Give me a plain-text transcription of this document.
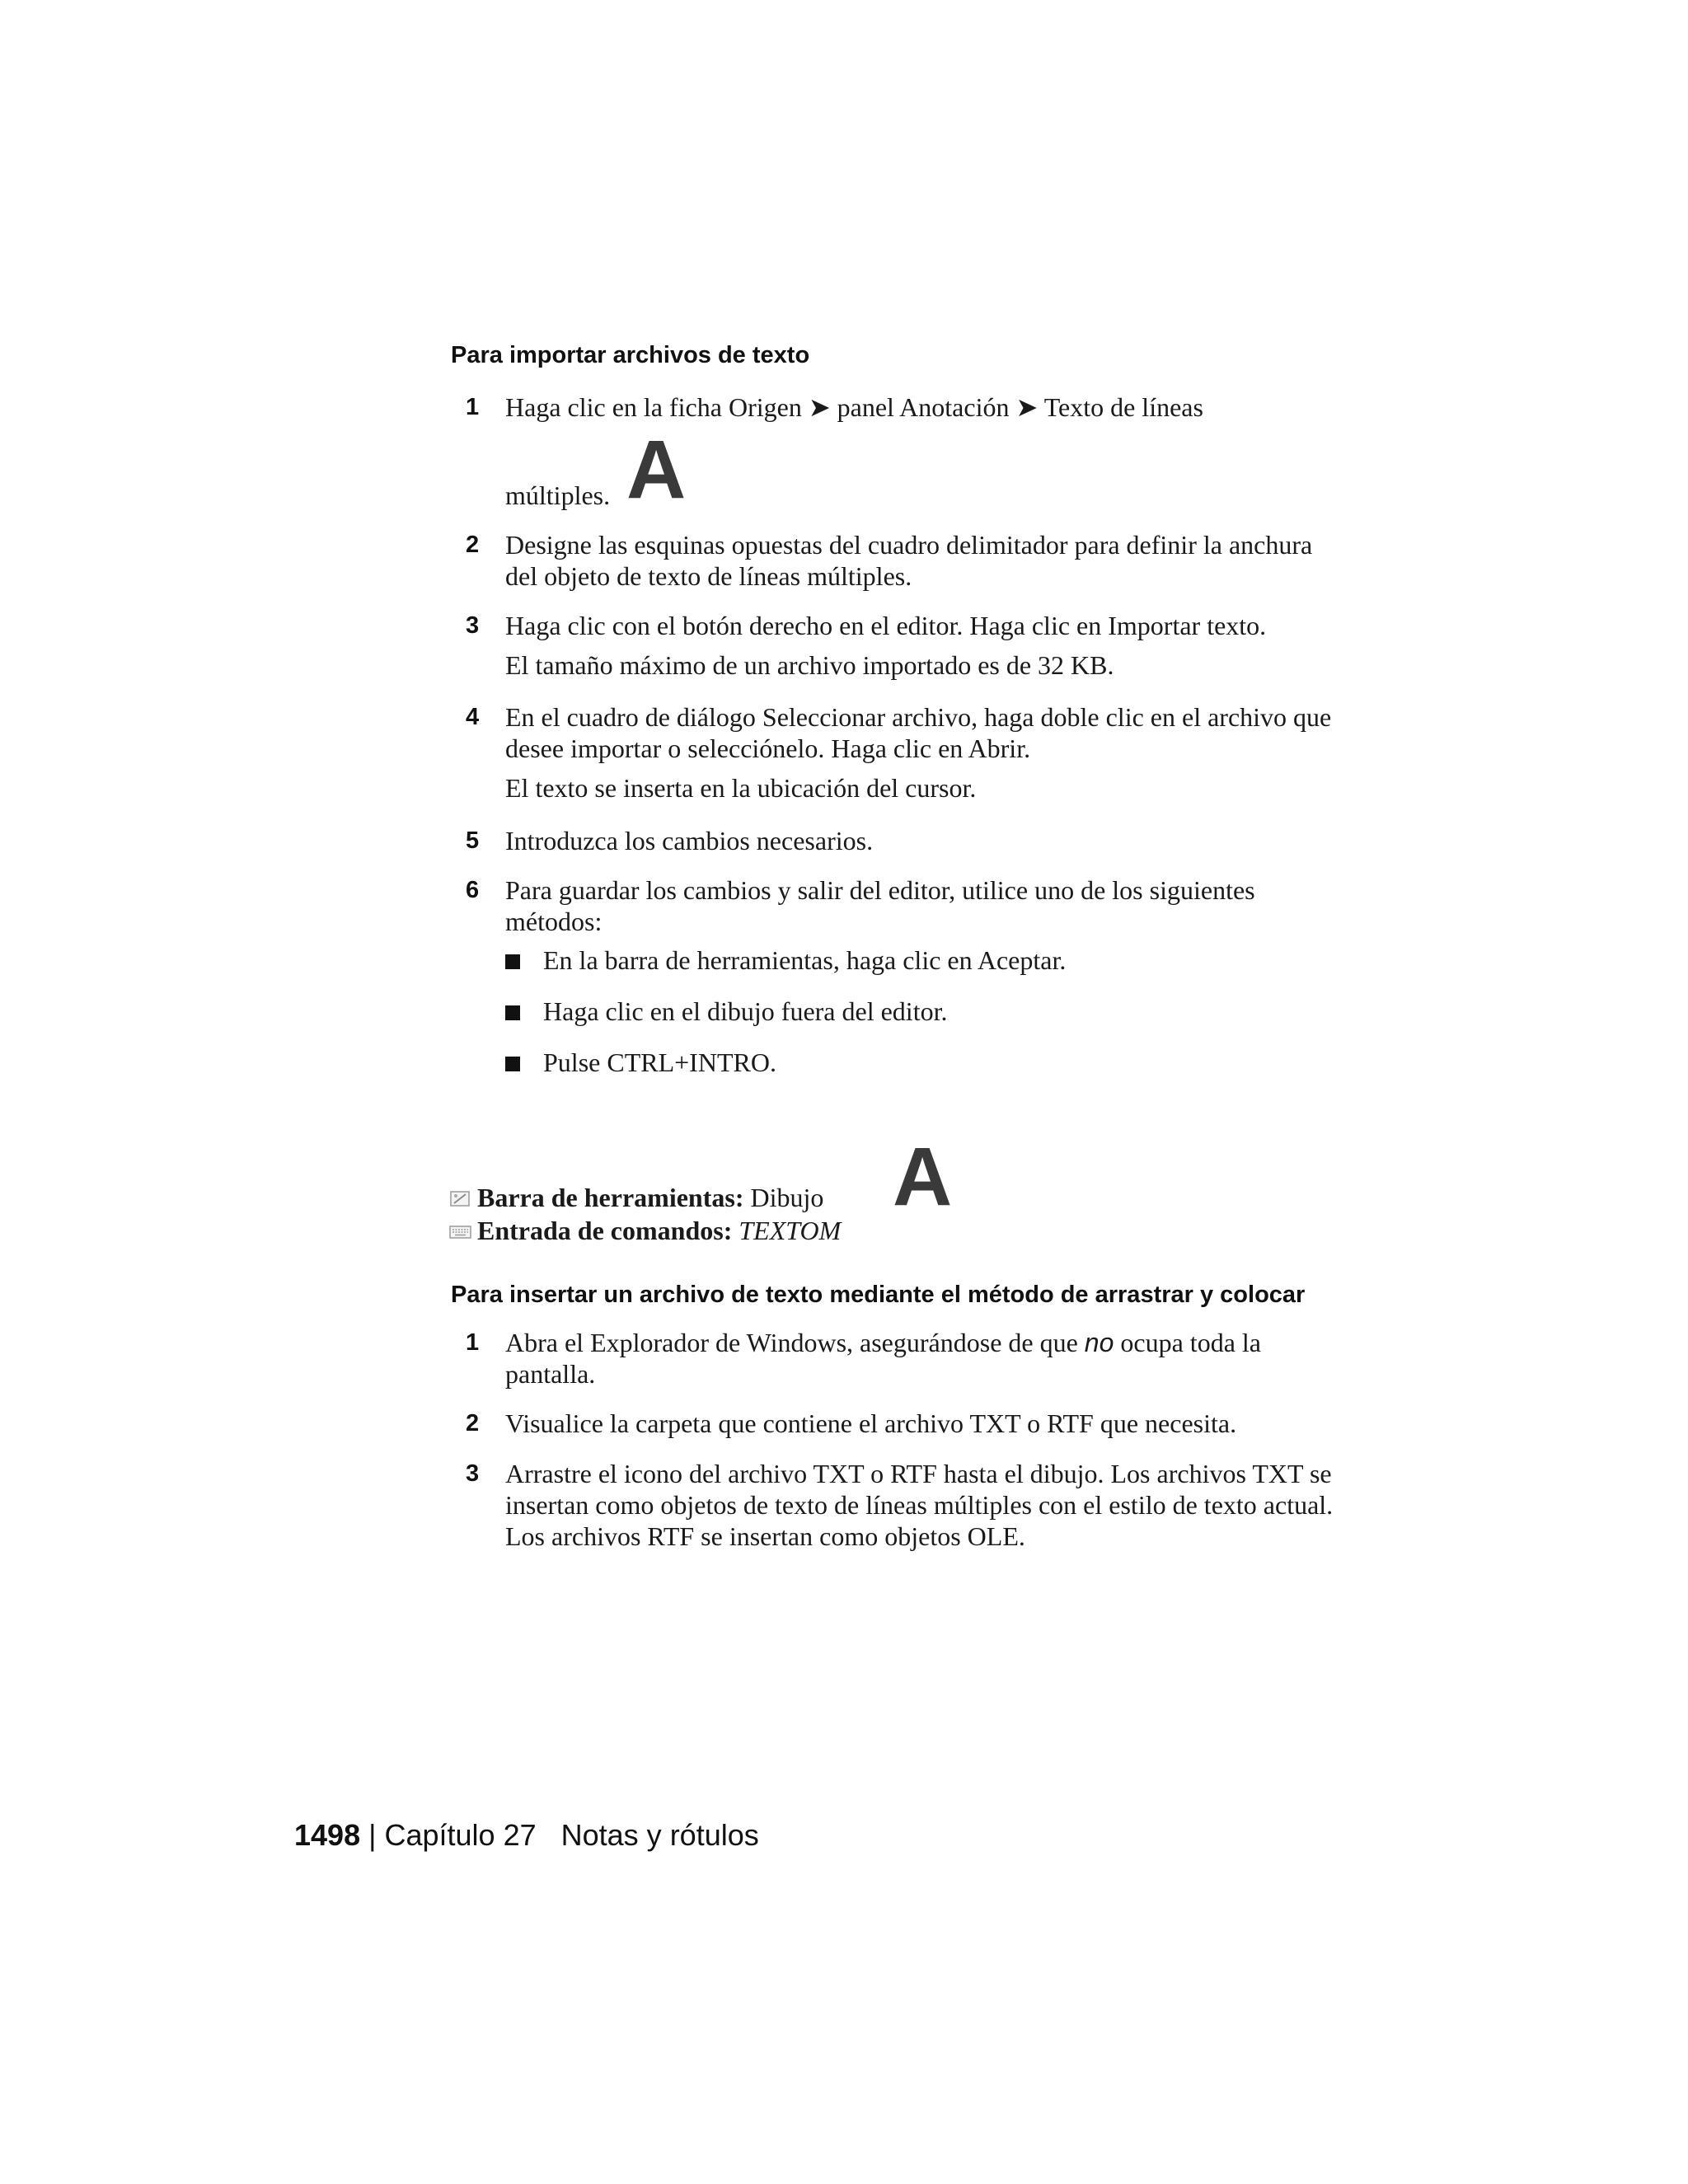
Para importar archivos de texto
1 Haga clic en la ficha Origen ➤ panel Anotación ➤ Texto de líneas
múltiples. A
2 Designe las esquinas opuestas del cuadro delimitador para definir la anchura del objeto de texto de líneas múltiples.
3 Haga clic con el botón derecho en el editor. Haga clic en Importar texto.
El tamaño máximo de un archivo importado es de 32 KB.
4 En el cuadro de diálogo Seleccionar archivo, haga doble clic en el archivo que desee importar o selecciónelo. Haga clic en Abrir.
El texto se inserta en la ubicación del cursor.
5 Introduzca los cambios necesarios.
6 Para guardar los cambios y salir del editor, utilice uno de los siguientes métodos:
En la barra de herramientas, haga clic en Aceptar.
Haga clic en el dibujo fuera del editor.
Pulse CTRL+INTRO.
Barra de herramientas: Dibujo A
Entrada de comandos: TEXTOM
Para insertar un archivo de texto mediante el método de arrastrar y colocar
1 Abra el Explorador de Windows, asegurándose de que no ocupa toda la pantalla.
2 Visualice la carpeta que contiene el archivo TXT o RTF que necesita.
3 Arrastre el icono del archivo TXT o RTF hasta el dibujo. Los archivos TXT se insertan como objetos de texto de líneas múltiples con el estilo de texto actual. Los archivos RTF se insertan como objetos OLE.
1498 | Capítulo 27 Notas y rótulos
